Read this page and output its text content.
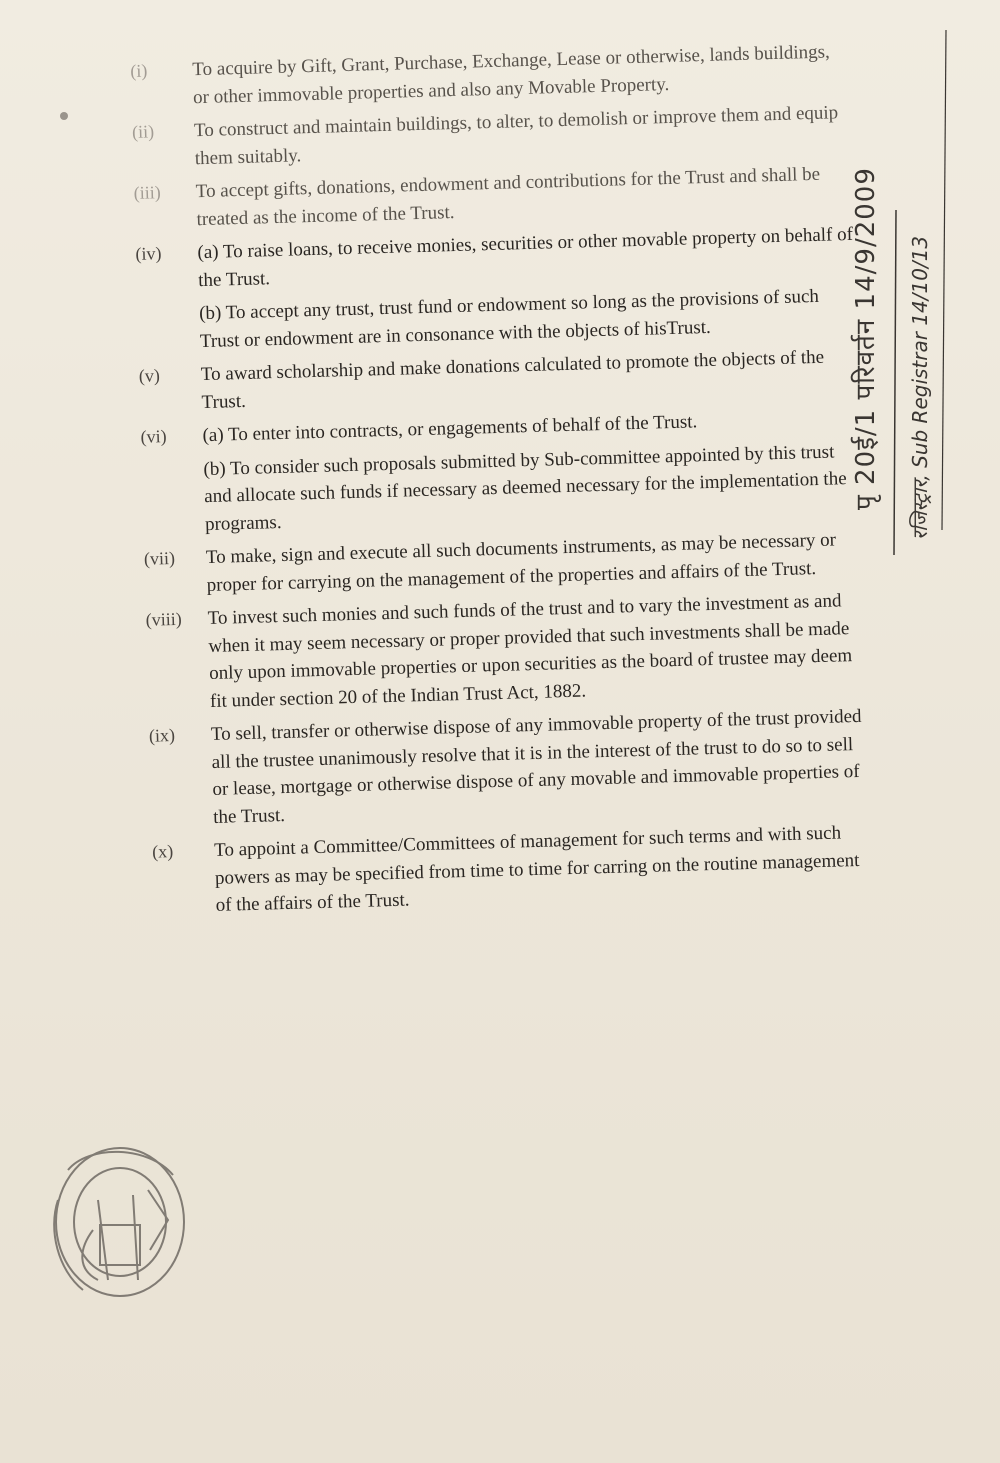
(i)	To acquire by Gift, Grant, Purchase, Exchange, Lease or otherwise, lands buildings, or other immovable properties and also any Movable Property.

(ii)	To construct and maintain buildings, to alter, to demolish or improve them and equip them suitably.

(iii)	To accept gifts, donations, endowment and contributions for the Trust and shall be treated as the income of the Trust.

(iv)	(a) To raise loans, to receive monies, securities or other movable property on behalf of the Trust.

(b) To accept any trust, trust fund or endowment so long as the provisions of such Trust or endowment are in consonance with the objects of hisTrust.

(v)	To award scholarship and make donations calculated to promote the objects of the Trust.

(vi)	(a) To enter into contracts, or engagements of behalf of the Trust.

(b) To consider such proposals submitted by Sub-committee appointed by this trust and allocate such funds if necessary as deemed necessary for the implementation the programs.

(vii)	To make, sign and execute all such documents instruments, as may be necessary or proper for carrying on the management of the properties and affairs of the Trust.

(viii)	To invest such monies and such funds of the trust and to vary the investment as and when it may seem necessary or proper provided that such investments shall be made only upon immovable properties or upon securities as the board of trustee may deem fit under section 20 of the Indian Trust Act, 1882.

(ix)	To sell, transfer or otherwise dispose of any immovable property of the trust provided all the trustee unanimously resolve that it is in the interest of the trust to do so to sell or lease, mortgage or otherwise dispose of any movable and immovable properties of the Trust.

(x)	To appoint a Committee/Committees of management for such terms and with such powers as may be specified from time to time for carring on the routine management of the affairs of the Trust.

पृ 20ई/1 परिवर्तन 14/9/2009 रजिस्ट्रार, Sub Registrar 14/10/13
